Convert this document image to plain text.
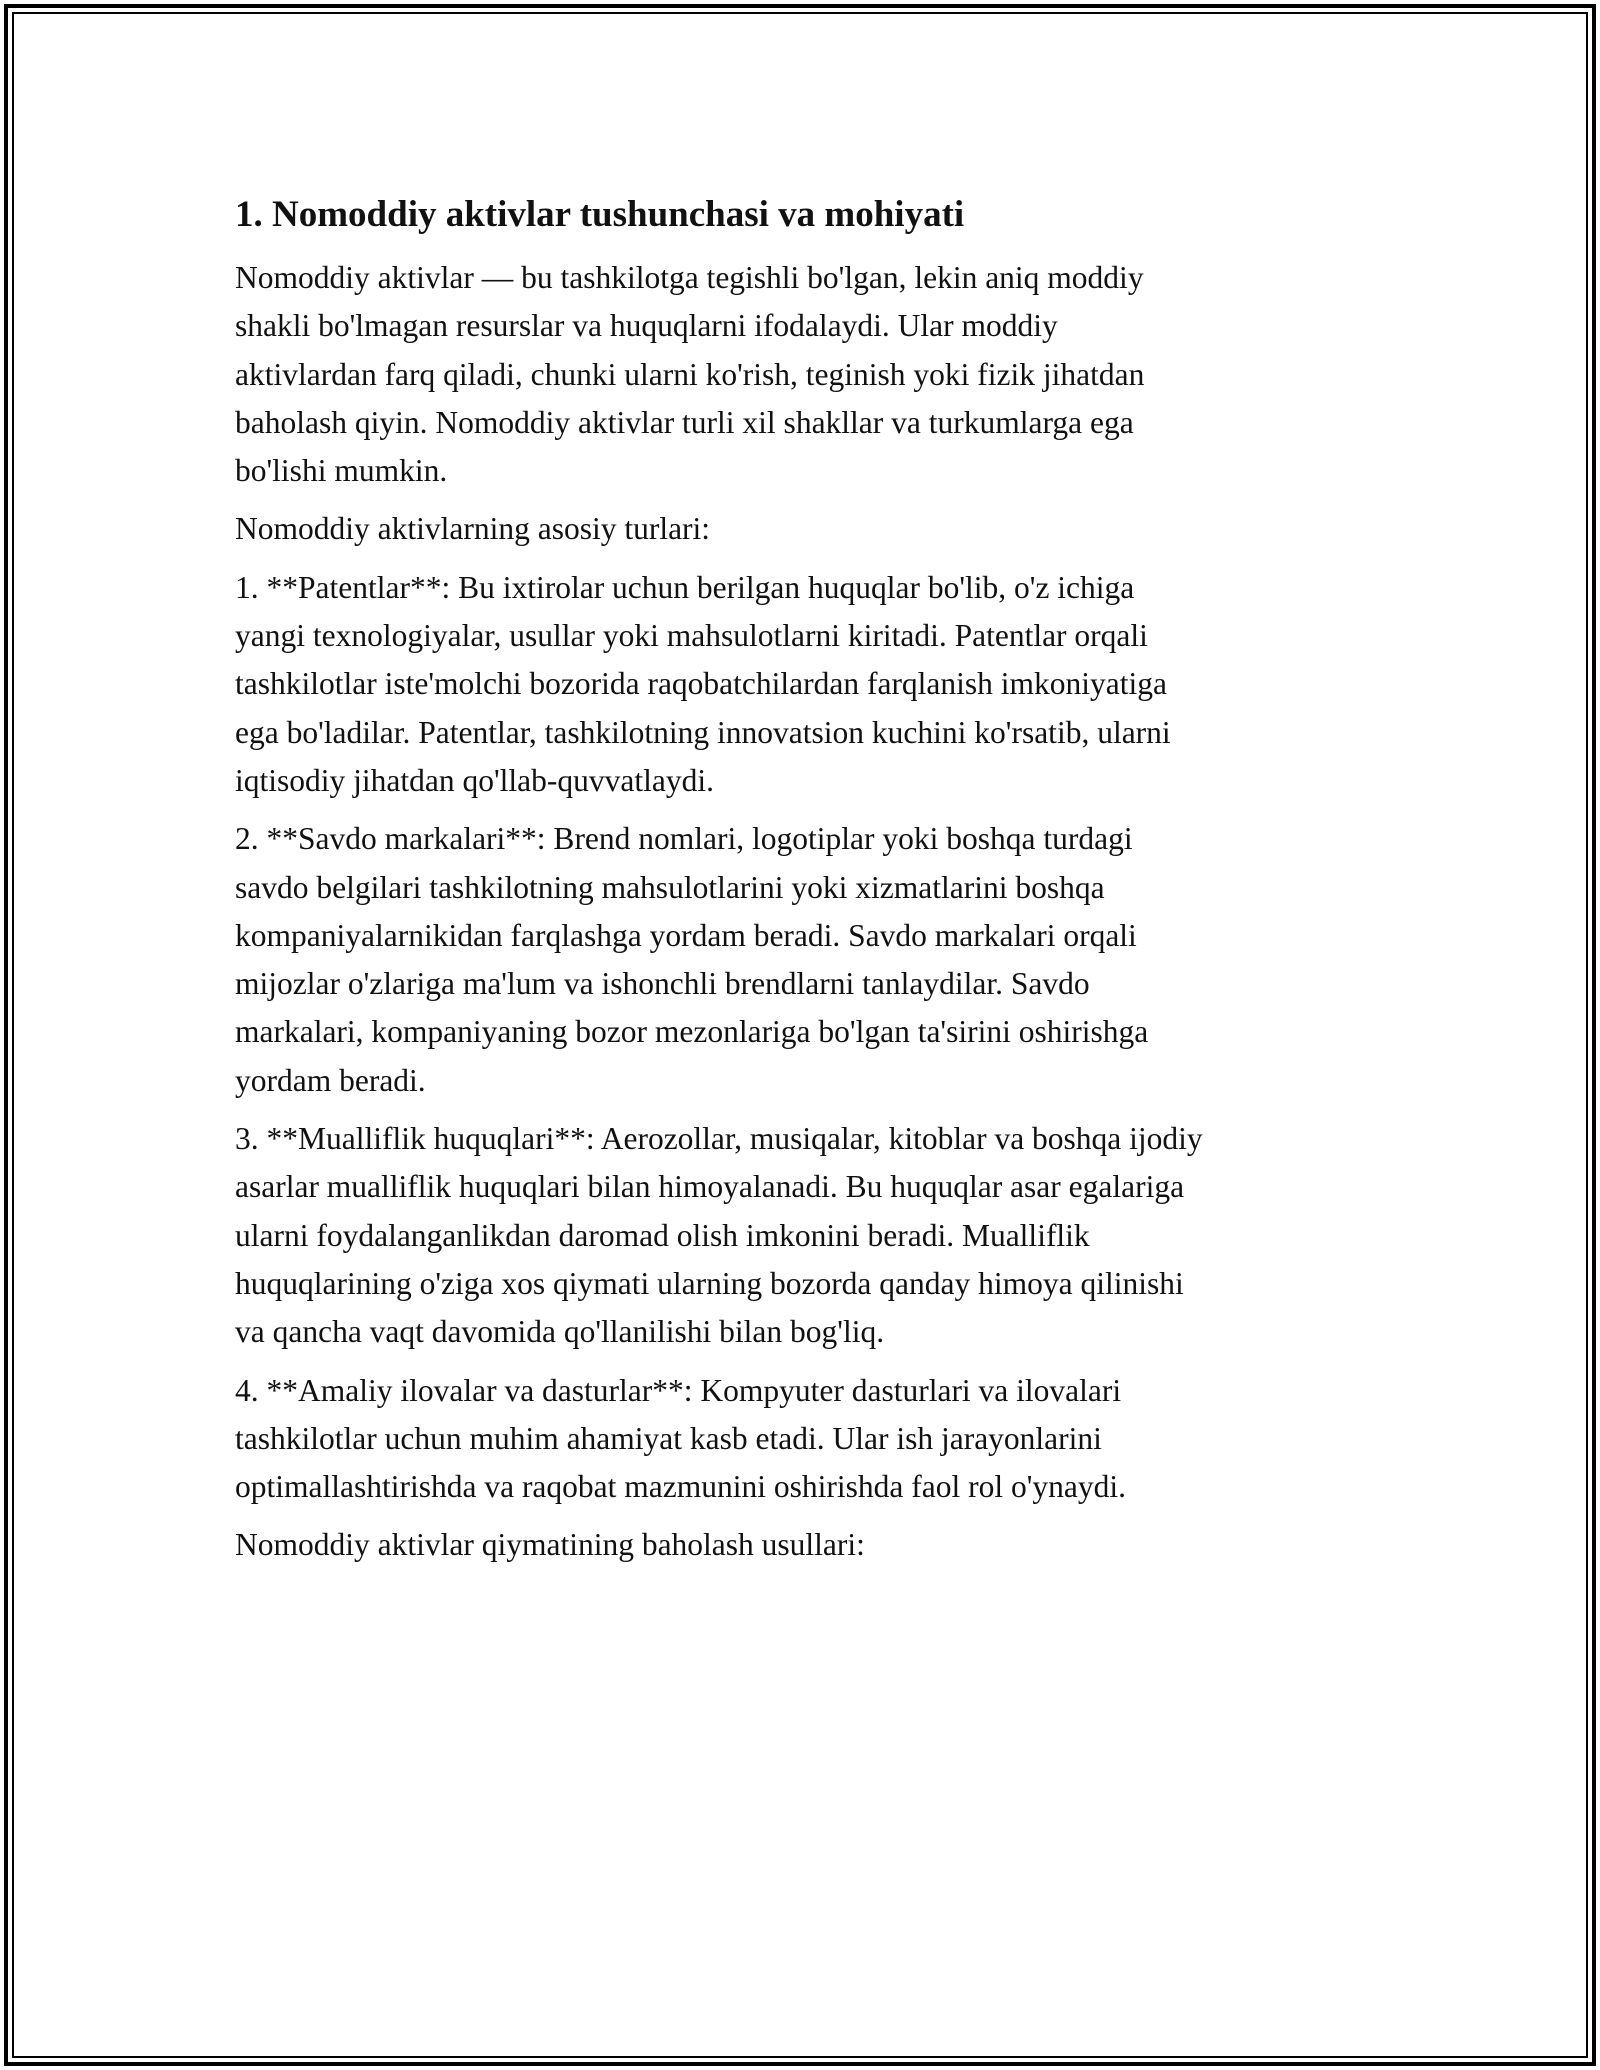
1. Nomoddiy aktivlar tushunchasi va mohiyati

Nomoddiy aktivlar — bu tashkilotga tegishli bo'lgan, lekin aniq moddiy
shakli bo'lmagan resurslar va huquqlarni ifodalaydi. Ular moddiy
aktivlardan farq qiladi, chunki ularni ko'rish, teginish yoki fizik jihatdan
baholash qiyin. Nomoddiy aktivlar turli xil shakllar va turkumlarga ega
bo'lishi mumkin.

Nomoddiy aktivlarning asosiy turlari:

1. **Patentlar**: Bu ixtirolar uchun berilgan huquqlar bo'lib, o'z ichiga
yangi texnologiyalar, usullar yoki mahsulotlarni kiritadi. Patentlar orqali
tashkilotlar iste'molchi bozorida raqobatchilardan farqlanish imkoniyatiga
ega bo'ladilar. Patentlar, tashkilotning innovatsion kuchini ko'rsatib, ularni
iqtisodiy jihatdan qo'llab-quvvatlaydi.

2. **Savdo markalari**: Brend nomlari, logotiplar yoki boshqa turdagi
savdo belgilari tashkilotning mahsulotlarini yoki xizmatlarini boshqa
kompaniyalarnikidan farqlashga yordam beradi. Savdo markalari orqali
mijozlar o'zlariga ma'lum va ishonchli brendlarni tanlaydilar. Savdo
markalari, kompaniyaning bozor mezonlariga bo'lgan ta'sirini oshirishga
yordam beradi.

3. **Mualliflik huquqlari**: Aerozollar, musiqalar, kitoblar va boshqa ijodiy
asarlar mualliflik huquqlari bilan himoyalanadi. Bu huquqlar asar egalariga
ularni foydalanganlikdan daromad olish imkonini beradi. Mualliflik
huquqlarining o'ziga xos qiymati ularning bozorda qanday himoya qilinishi
va qancha vaqt davomida qo'llanilishi bilan bog'liq.

4. **Amaliy ilovalar va dasturlar**: Kompyuter dasturlari va ilovalari
tashkilotlar uchun muhim ahamiyat kasb etadi. Ular ish jarayonlarini
optimallashtirishda va raqobat mazmunini oshirishda faol rol o'ynaydi.

Nomoddiy aktivlar qiymatining baholash usullari:
